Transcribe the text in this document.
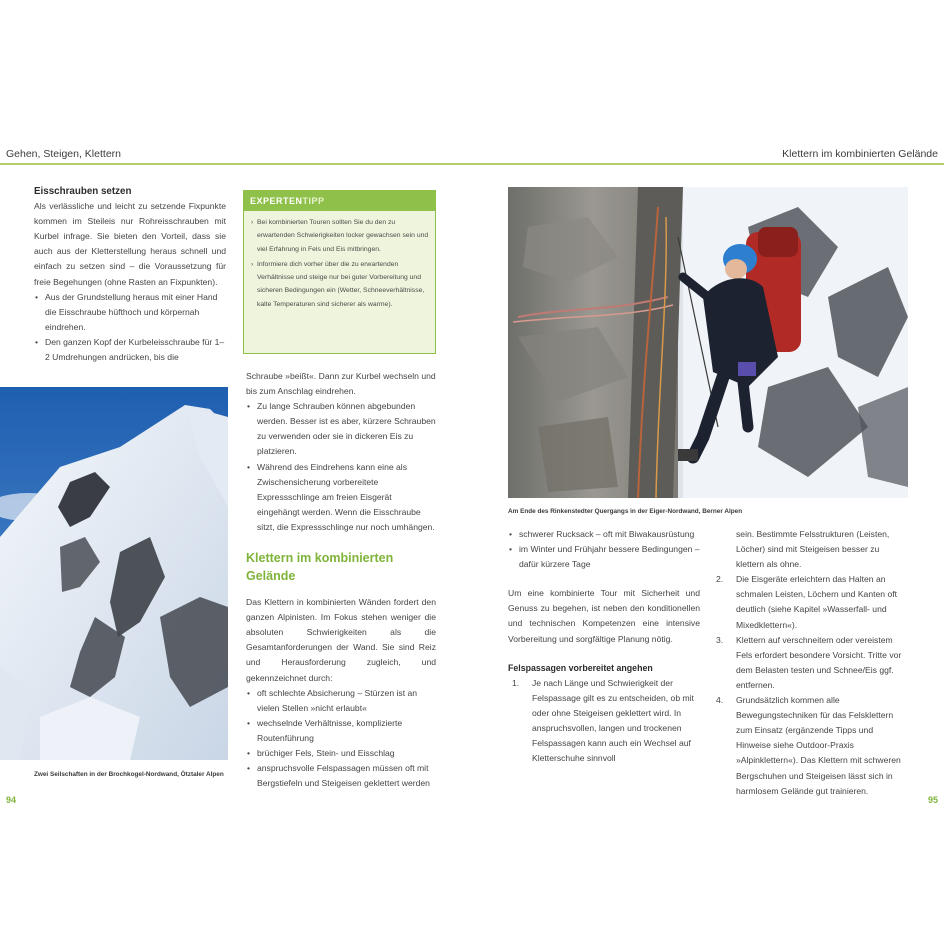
Gehen, Steigen, Klettern	Klettern im kombinierten Gelände

Eisschrauben setzen

Als verlässliche und leicht zu setzende Fixpunkte kommen im Steileis nur Rohreisschrauben mit Kurbel infrage. Sie bieten den Vorteil, dass sie auch aus der Kletterstellung heraus schnell und einfach zu setzen sind – die Voraussetzung für freie Begehungen (ohne Rasten an Fixpunkten).

• Aus der Grundstellung heraus mit einer Hand die Eisschraube hüfthoch und körpernah eindrehen.
• Den ganzen Kopf der Kurbeleisschraube für 1–2 Umdrehungen andrücken, bis die
Zwei Seilschaften in der Brochkogel-Nordwand, Ötztaler Alpen
EXPERTENTIPP
› Bei kombinierten Touren sollten Sie du den zu erwartenden Schwierigkeiten locker gewachsen sein und viel Erfahrung in Fels und Eis mitbringen.
› Informiere dich vorher über die zu erwartenden Verhältnisse und steige nur bei guter Vorbereitung und sicheren Bedingungen ein (Wetter, Schneeverhältnisse, kalte Temperaturen sind sicherer als warme).

Schraube »beißt«. Dann zur Kurbel wechseln und bis zum Anschlag eindrehen.

• Zu lange Schrauben können abgebunden werden. Besser ist es aber, kürzere Schrauben zu verwenden oder sie in dickeren Eis zu platzieren.
• Während des Eindrehens kann eine als Zwischensicherung vorbereitete Expressschlinge am freien Eisgerät eingehängt werden. Wenn die Eisschraube sitzt, die Expressschlinge nur noch umhängen.

Klettern im kombinierten Gelände

Das Klettern in kombinierten Wänden fordert den ganzen Alpinisten. Im Fokus stehen weniger die absoluten Schwierigkeiten als die Gesamtanforderungen der Wand. Sie sind Reiz und Herausforderung zugleich, und gekennzeichnet durch:

• oft schlechte Absicherung – Stürzen ist an vielen Stellen »nicht erlaubt«
• wechselnde Verhältnisse, komplizierte Routenführung
• brüchiger Fels, Stein- und Eisschlag
• anspruchsvolle Felspassagen müssen oft mit Bergstiefeln und Steigeisen geklettert werden
Am Ende des Rinkenstedter Quergangs in der Eiger-Nordwand, Berner Alpen
• schwerer Rucksack – oft mit Biwakausrüstung
• im Winter und Frühjahr bessere Bedingungen – dafür kürzere Tage

Um eine kombinierte Tour mit Sicherheit und Genuss zu begehen, ist neben den konditionellen und technischen Kompetenzen eine intensive Vorbereitung und sorgfältige Planung nötig.

Felspassagen vorbereitet angehen

1. Je nach Länge und Schwierigkeit der Felspassage gilt es zu entscheiden, ob mit oder ohne Steigeisen geklettert wird. In anspruchsvollen, langen und trockenen Felspassagen kann auch ein Wechsel auf Kletterschuhe sinnvoll

sein. Bestimmte Felsstrukturen (Leisten, Löcher) sind mit Steigeisen besser zu klettern als ohne.

2. Die Eisgeräte erleichtern das Halten an schmalen Leisten, Löchern und Kanten oft deutlich (siehe Kapitel »Wasserfall- und Mixedklettern«).
3. Klettern auf verschneitem oder vereistem Fels erfordert besondere Vorsicht. Tritte vor dem Belasten testen und Schnee/Eis ggf. entfernen.
4. Grundsätzlich kommen alle Bewegungstechniken für das Felsklettern zum Einsatz (ergänzende Tipps und Hinweise siehe Outdoor-Praxis »Alpinklettern«). Das Klettern mit schweren Bergschuhen und Steigeisen lässt sich in harmlosem Gelände gut trainieren.
94	95
